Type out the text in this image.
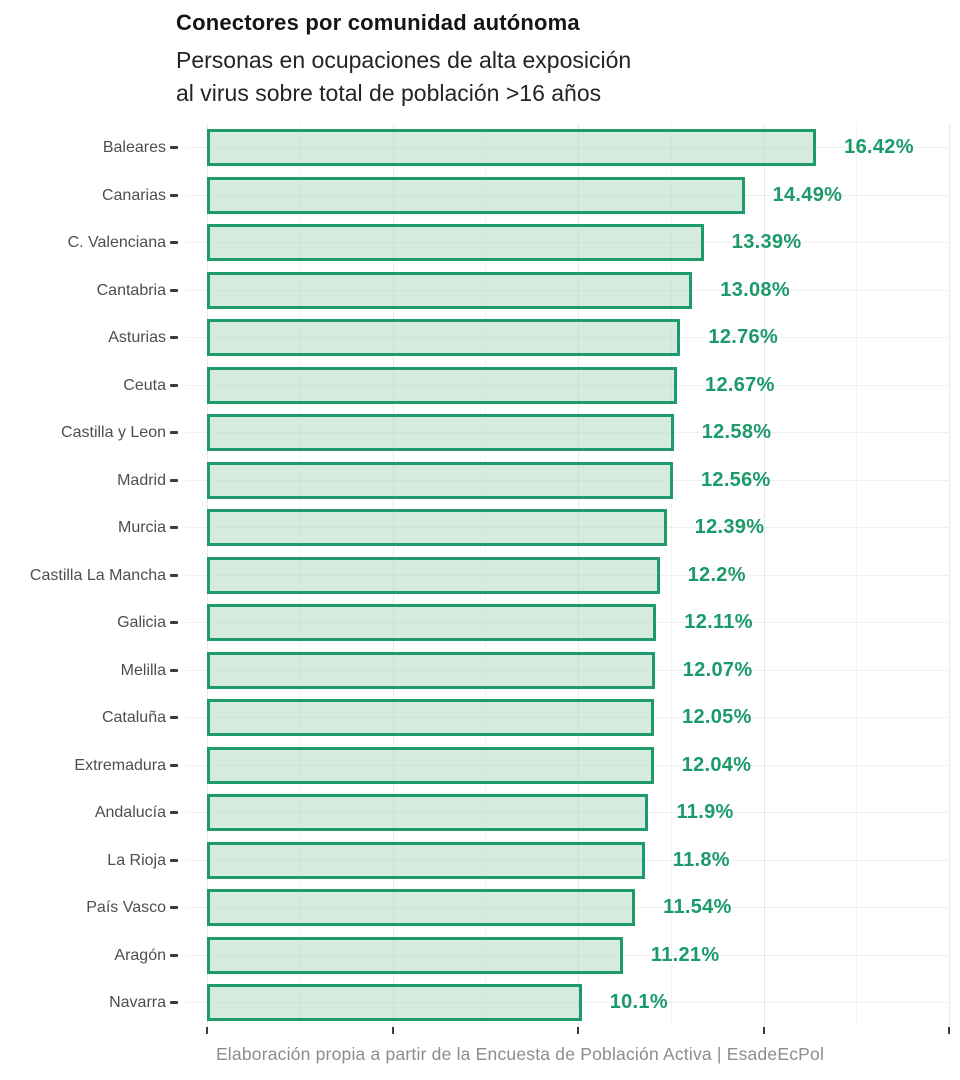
Conectores por comunidad autónoma
Personas en ocupaciones de alta exposición
al virus sobre total de población >16 años
Baleares	16.42%
Canarias	14.49%
C. Valenciana	13.39%
Cantabria	13.08%
Asturias	12.76%
Ceuta	12.67%
Castilla y Leon	12.58%
Madrid	12.56%
Murcia	12.39%
Castilla La Mancha	12.2%
Galicia	12.11%
Melilla	12.07%
Cataluña	12.05%
Extremadura	12.04%
Andalucía	11.9%
La Rioja	11.8%
País Vasco	11.54%
Aragón	11.21%
Navarra	10.1%
Elaboración propia a partir de la Encuesta de Población Activa | EsadeEcPol
